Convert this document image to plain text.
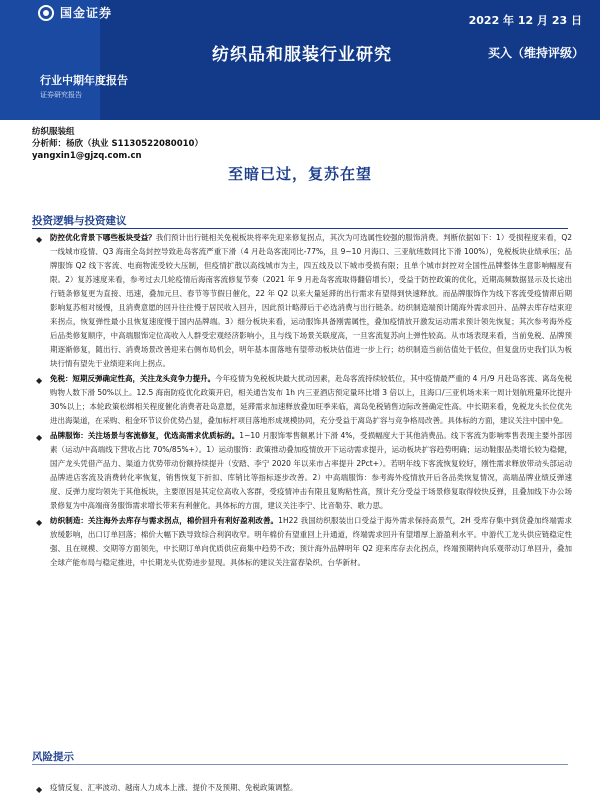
国金证券
2022 年 12 月 23 日
纺织品和服装行业研究	买入（维持评级）
行业中期年度报告
证券研究报告
纺织服装组
分析师：杨欣（执业 S1130522080010）
yangxin1@gjzq.com.cn
至暗已过，复苏在望
投资逻辑与投资建议
◆ 防控优化背景下哪些板块受益？我们预计出行链相关免税板块将率先迎来修复拐点，其次为可选属性较强的服饰消费。判断依据如下：1）受损程度来看，Q2 一线城市疫情、Q3 海南全岛封控导致赴岛客流严重下滑（4 月赴岛客流同比-77%，且 9~10 月海口、三亚航班数同比下滑 100%），免税板块业绩承压；品牌服饰 Q2 线下客流、电商物流受较大压制，但疫情扩散以高线城市为主，四五线及以下城市受损有限；且单个城市封控对全国性品牌整体生意影响幅度有限。2）复苏速度来看，参考过去几轮疫情后海南客流修复节奏（2021 年 9 月赴岛客流取得翻倍增长），受益于防控政策的优化，近期高频数据显示及长途出行链条修复更为直接、迅速，叠加元旦、春节等节假日催化，22 年 Q2 以来大量延滞的出行需求有望得到快速释放。而品牌服饰作为线下客流受疫情滞后期影响复苏相对缓慢，且消费意愿的回升往往慢于居民收入回升，因此预计略滞后于必选消费与出行链条。纺织制造端预计随海外需求回升、品牌去库存结束迎来拐点，恢复弹性最小且恢复速度慢于国内品牌端。3）细分板块来看，运动服饰具备刚需属性，叠加疫情放开激发运动需求预计领先恢复；其次参考海外疫后品类修复顺序，中高端服饰定位高收入人群受宏观经济影响小，且与线下场景关联度高，一旦客流复苏向上弹性较高。从市场表现来看，当前免税、品牌预期逐渐修复，随出行、消费场景改善迎来右侧布局机会，明年基本面落地有望带动板块估值进一步上行；纺织制造当前估值处于低位，但复盘历史我们认为板块行情有望先于业绩迎来向上拐点。
◆ 免税：短期反弹确定性高，关注龙头竞争力提升。今年疫情为免税板块最大扰动因素，赴岛客流持续较低位，其中疫情最严重的 4 月/9 月赴岛客流、离岛免税购物人数下滑 50%以上。12.5 海南防疫优化政策开启，相关通告发布 1h 内三亚酒店预定量环比增 3 倍以上，且海口/三亚机场未来一周计划航班量环比提升 30%以上；本轮政策松绑相关程度催化消费者赴岛意愿，延滞需求加速释放叠加旺季来临，离岛免税销售边际改善确定性高。中长期来看，免税龙头长位优先进出海渠道，在采购、租金环节议价优势凸显，叠加标杆项目落地形成规模协同，充分受益于离岛扩容与竞争格局改善。具体标的方面，建议关注中国中免。
◆ 品牌服饰：关注场景与客流修复，优选高需求优质标的。1~10 月服饰零售额累计下滑 4%，受损幅度大于其他消费品。线下客流为影响零售表现主要外部因素（运动/中高端线下营收占比 70%/85%+）。1）运动服饰：政策推动叠加疫情放开下运动需求提升，运动板块扩容趋势明确；运动鞋服品类增长较为稳健，国产龙头凭借产品力、渠道力优势带动份额持续提升（安踏、李宁 2020 年以来市占率提升 2Pct+）。若明年线下客流恢复较好，刚性需求释放带动头部运动品牌进店客流及消费转化率恢复，销售恢复下折扣、库销比等指标逐步改善。2）中高端服饰：参考海外疫情放开后各品类恢复情况，高端品牌业绩反弹速度、反弹力度均领先于其他板块，主要原因是其定位高收入客群，受疫情冲击有限且复购粘性高，预计充分受益于场景修复取得较快反弹，且叠加线下办公场景修复为中高端商务服饰需求增长带来有利催化。具体标的方面，建议关注李宁、比音勒芬、歌力思。
◆ 纺织制造：关注海外去库存与需求拐点，棉价回升有利好盈利改善。1H22 我国纺织服装出口受益于海外需求保持高景气，2H 受库存集中到货叠加终端需求放缓影响，出口订单回落；棉价大幅下跌导致综合利润收窄。明年棉价有望重回上升通道，终端需求回升有望增厚上游盈利水平。中游代工龙头供应链稳定性强、且在规模、交期等方面领先，中长期订单向优质供应商集中趋势不改；预计海外品牌明年 Q2 迎来库存去化拐点，终端预期转向乐观带动订单回升，叠加全球产能布局与稳定推进，中长期龙头优势进步显现。具体标的建议关注富春染织、台华新材。
风险提示
◆ 疫情反复、汇率波动、越南人力成本上涨、提价不及预期、免税政策调整。
